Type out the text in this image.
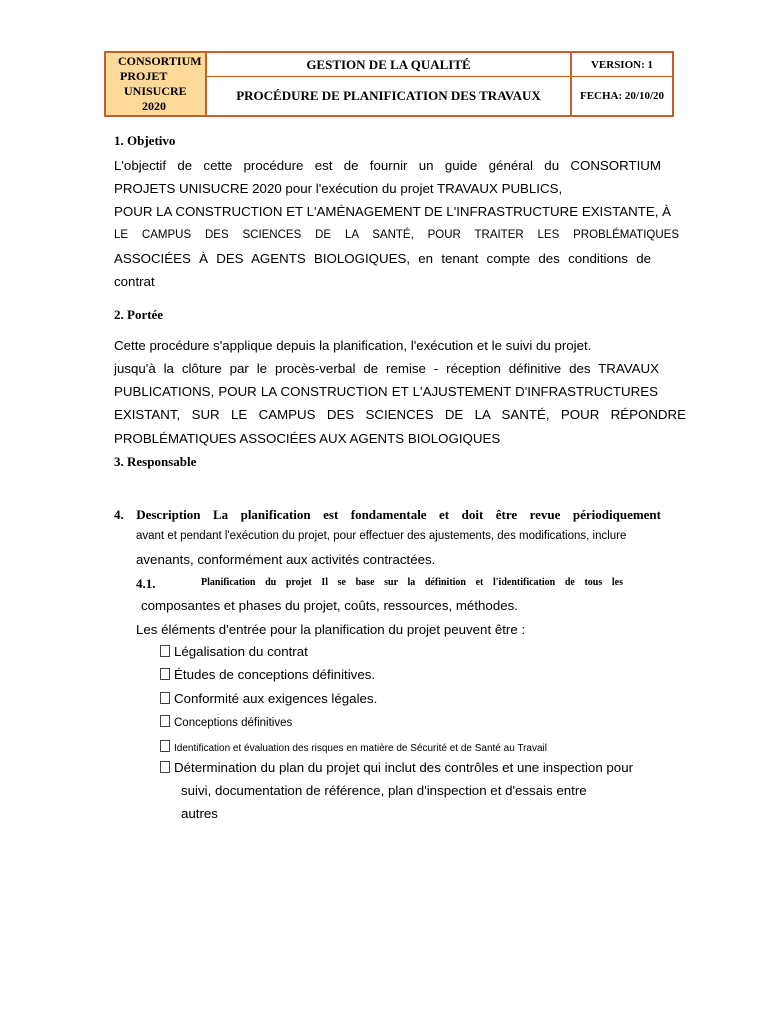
CONSORTIUM
PROJET
UNISUCRE
2020
GESTION DE LA QUALITÉ
PROCÉDURE DE PLANIFICATION DES TRAVAUX
VERSION: 1
FECHA: 20/10/20
1. Objetivo
L'objectif de cette procédure est de fournir un guide général du CONSORTIUM
PROJETS UNISUCRE 2020 pour l'exécution du projet TRAVAUX PUBLICS,
POUR LA CONSTRUCTION ET L'AMÉNAGEMENT DE L'INFRASTRUCTURE EXISTANTE, À
LE CAMPUS DES SCIENCES DE LA SANTÉ, POUR TRAITER LES PROBLÉMATIQUES
ASSOCIÉES À DES AGENTS BIOLOGIQUES, en tenant compte des conditions de
contrat
2. Portée
Cette procédure s'applique depuis la planification, l'exécution et le suivi du projet.
jusqu'à la clôture par le procès-verbal de remise - réception définitive des TRAVAUX
PUBLICATIONS, POUR LA CONSTRUCTION ET L'AJUSTEMENT D'INFRASTRUCTURES
EXISTANT, SUR LE CAMPUS DES SCIENCES DE LA SANTÉ, POUR RÉPONDRE
PROBLÉMATIQUES ASSOCIÉES AUX AGENTS BIOLOGIQUES
3. Responsable
4. Description La planification est fondamentale et doit être revue périodiquement
avant et pendant l'exécution du projet, pour effectuer des ajustements, des modifications, inclure
avenants, conformément aux activités contractées.
4.1.	Planification du projet Il se base sur la définition et l'identification de tous les
composantes et phases du projet, coûts, ressources, méthodes.
Les éléments d'entrée pour la planification du projet peuvent être :
Légalisation du contrat
Études de conceptions définitives.
Conformité aux exigences légales.
Conceptions définitives
Identification et évaluation des risques en matière de Sécurité et de Santé au Travail
Détermination du plan du projet qui inclut des contrôles et une inspection pour
suivi, documentation de référence, plan d'inspection et d'essais entre
autres
